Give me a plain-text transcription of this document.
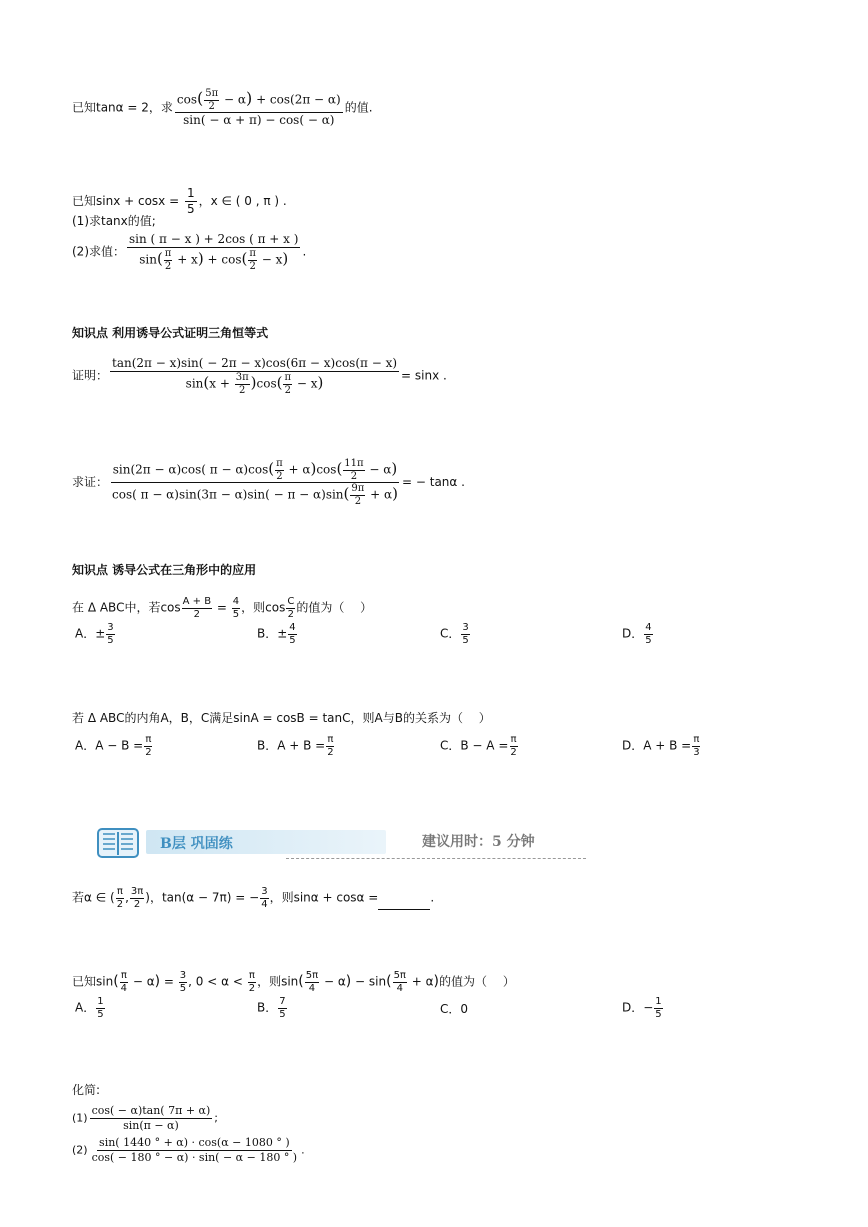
已知tanα = 2，求 $\frac{\cos( \frac{5\pi}{2} - \alpha) + \cos(2\pi - \alpha)}{\sin( - \alpha + \pi) - \cos( - \alpha)}$ 的值.
已知$\sin x + \cos x = \frac{1}{5}$ ，x ∈ ( 0 , π ) .
(1)求tanx的值;
(2)求值： $\frac{\sin ( \pi - x ) + 2\cos ( \pi + x )}{\sin( \frac{\pi}{2} + x) + \cos( \frac{\pi}{2} - x)}$ .
知识点 利用诱导公式证明三角恒等式
证明： $\frac{\tan(2\pi - x)\sin( - 2\pi - x)\cos(6\pi - x)\cos(\pi - x)}{\sin(x + \frac{3\pi}{2} )\cos( \frac{\pi}{2} - x)} = \sin x$ .
求证： $\frac{\sin(2\pi - \alpha)\cos( \pi - \alpha)\cos( \frac{\pi}{2} + \alpha)\cos( \frac{11\pi}{2} - \alpha)}{\cos( \pi - \alpha)\sin(3\pi - \alpha)\sin( - \pi - \alpha)\sin( \frac{9\pi}{2} + \alpha)}$ = − tanα .
知识点 诱导公式在三角形中的应用
在 Δ ABC中，若$\cos \frac{A + B}{2} = \frac{4}{5}$ ，则$\cos \frac{C}{2}$ 的值为（　 ）
A．± $\frac{3}{5}$	B．± $\frac{4}{5}$	C． $\frac{3}{5}$	D． $\frac{4}{5}$
若 Δ ABC的内角A，B，C满足sinA = cosB = tanC，则A与B的关系为（　 ）
A．$A - B = \frac{\pi}{2}$	B．$A + B = \frac{\pi}{2}$	C．$B - A = \frac{\pi}{2}$	D．$A + B = \frac{\pi}{3}$
B层 巩固练	建议用时：5 分钟
若α ∈ ( $\frac{\pi}{2}$ , $\frac{3\pi}{2}$ )，tan(α − 7π) = − $\frac{3}{4}$ ，则sinα + cosα =	.
已知$\sin( \frac{\pi}{4} - \alpha) = \frac{3}{5}$ , $0 < \alpha < \frac{\pi}{2}$ ，则$\sin( \frac{5\pi}{4} - \alpha) - \sin( \frac{5\pi}{4} + \alpha)$的值为（　 ）
A． $\frac{1}{5}$	B． $\frac{7}{5}$	C．0	D．− $\frac{1}{5}$
化简:
$(1) \frac{\cos( - \alpha)\tan( 7\pi + \alpha)}{\sin(\pi - \alpha)}$ ;
$(2) \frac{\sin( 1440 ^\circ + \alpha) \cdot \cos(\alpha - 1080 ^\circ )}{\cos( - 180 ^\circ - \alpha) \cdot \sin( - \alpha - 180 ^\circ )}$ .
